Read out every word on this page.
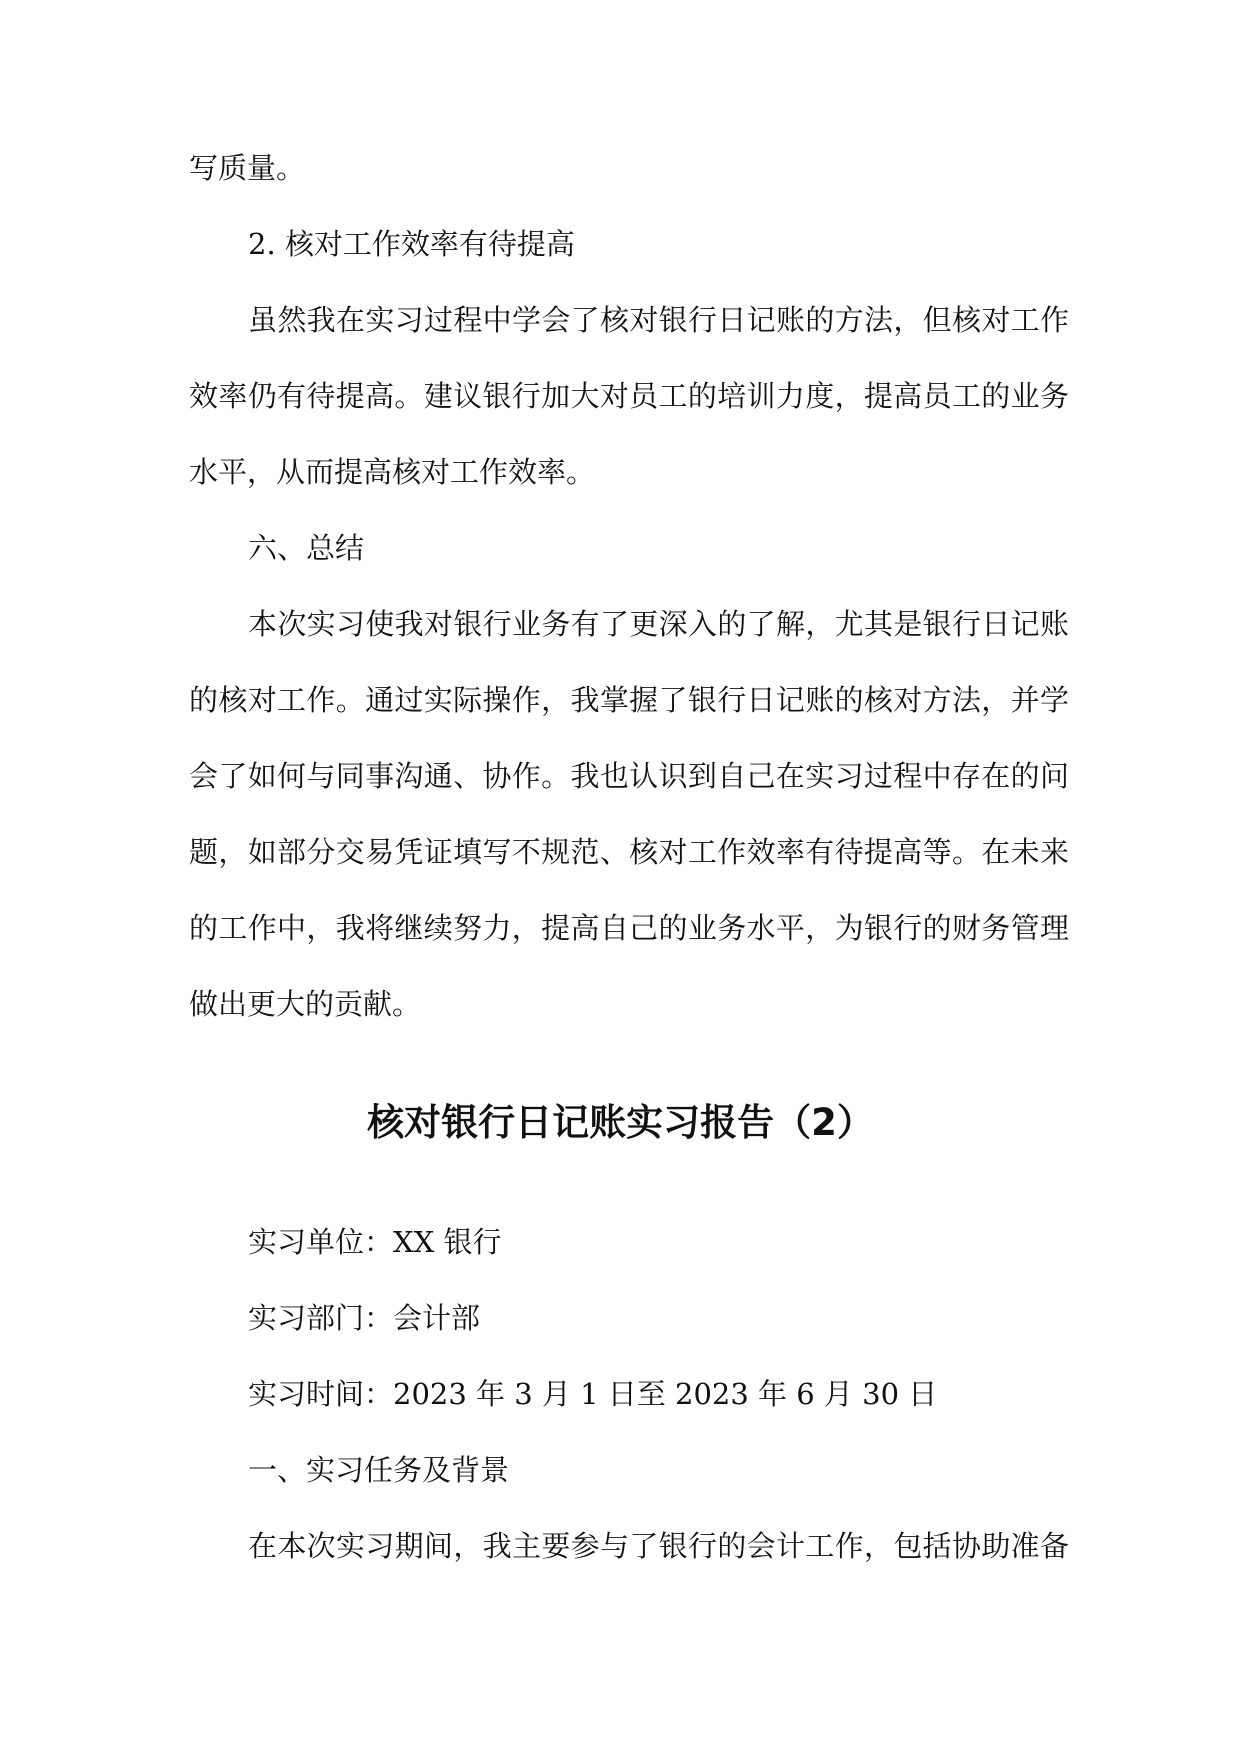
写质量。
2. 核对工作效率有待提高
虽然我在实习过程中学会了核对银行日记账的方法，但核对工作
效率仍有待提高。建议银行加大对员工的培训力度，提高员工的业务
水平，从而提高核对工作效率。
六、总结
本次实习使我对银行业务有了更深入的了解，尤其是银行日记账
的核对工作。通过实际操作，我掌握了银行日记账的核对方法，并学
会了如何与同事沟通、协作。我也认识到自己在实习过程中存在的问
题，如部分交易凭证填写不规范、核对工作效率有待提高等。在未来
的工作中，我将继续努力，提高自己的业务水平，为银行的财务管理
做出更大的贡献。
核对银行日记账实习报告（2）
实习单位：XX 银行
实习部门：会计部
实习时间：2023 年 3 月 1 日至 2023 年 6 月 30 日
一、实习任务及背景
在本次实习期间，我主要参与了银行的会计工作，包括协助准备
